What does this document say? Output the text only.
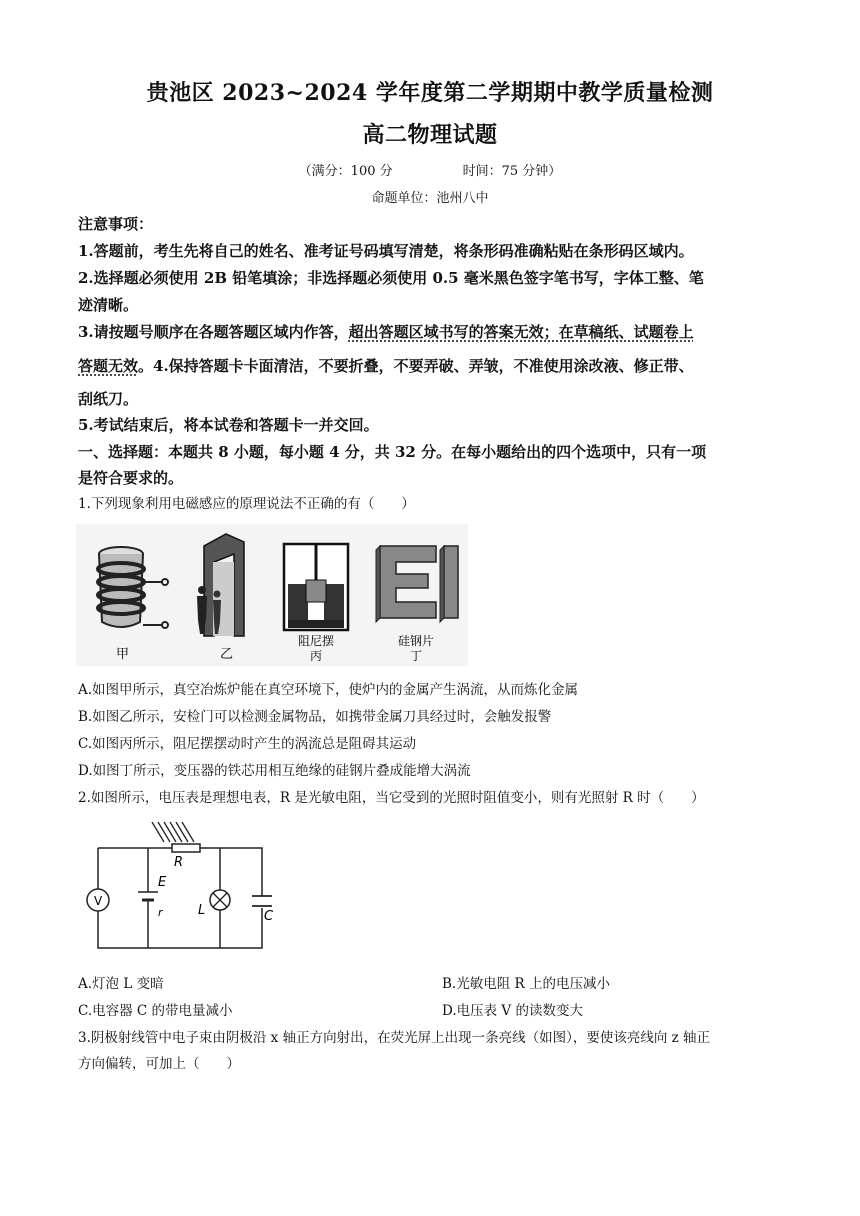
贵池区 2023~2024 学年度第二学期期中教学质量检测
高二物理试题
（满分：100 分	时间：75 分钟）
命题单位：池州八中
注意事项：
1.答题前，考生先将自己的姓名、准考证号码填写清楚，将条形码准确粘贴在条形码区域内。
2.选择题必须使用 2B 铅笔填涂；非选择题必须使用 0.5 毫米黑色签字笔书写，字体工整、笔
迹清晰。
3.请按题号顺序在各题答题区域内作答，超出答题区域书写的答案无效；在草稿纸、试题卷上
答题无效。4.保持答题卡卡面清洁，不要折叠，不要弄破、弄皱，不准使用涂改液、修正带、
刮纸刀。
5.考试结束后，将本试卷和答题卡一并交回。
一、选择题：本题共 8 小题，每小题 4 分，共 32 分。在每小题给出的四个选项中，只有一项
是符合要求的。
1.下列现象利用电磁感应的原理说法不正确的有（　　）
甲	乙
阻尼摆
丙
硅钢片
丁
A.如图甲所示，真空冶炼炉能在真空环境下，使炉内的金属产生涡流，从而炼化金属
B.如图乙所示，安检门可以检测金属物品，如携带金属刀具经过时，会触发报警
C.如图丙所示，阻尼摆摆动时产生的涡流总是阻碍其运动
D.如图丁所示，变压器的铁芯用相互绝缘的硅钢片叠成能增大涡流
2.如图所示，电压表是理想电表，R 是光敏电阻，当它受到的光照时阻值变小，则有光照射 R 时（　　）
R
V
E
r	L	C
A.灯泡 L 变暗	B.光敏电阻 R 上的电压减小
C.电容器 C 的带电量减小	D.电压表 V 的读数变大
3.阴极射线管中电子束由阴极沿 x 轴正方向射出，在荧光屏上出现一条亮线（如图），要使该亮线向 z 轴正
方向偏转，可加上（　　）
